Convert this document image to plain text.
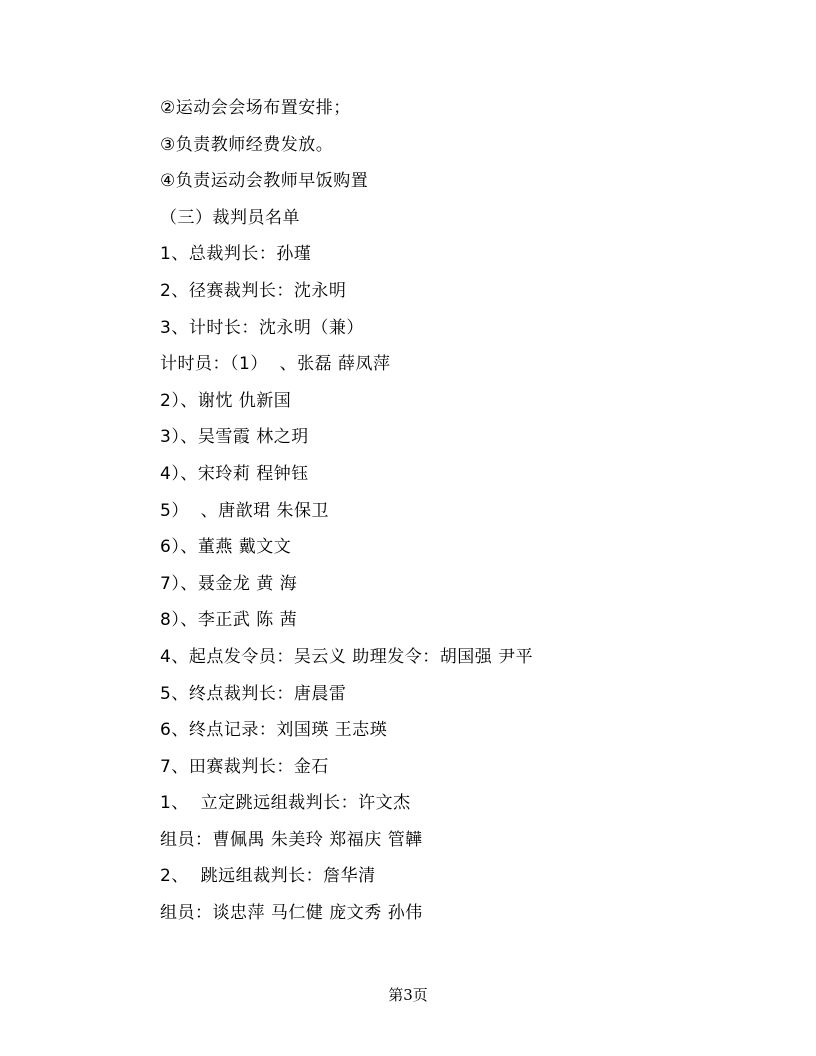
②运动会会场布置安排；
③负责教师经费发放。
④负责运动会教师早饭购置
（三）裁判员名单
1、总裁判长：孙瑾
2、径赛裁判长：沈永明
3、计时长：沈永明（兼）
计时员：（1）  、张磊 薛凤萍
2）、谢忱 仇新国
3）、吴雪霞 林之玥
4）、宋玲莉 程钟钰
5）  、唐歆珺 朱保卫
6）、董燕 戴文文
7）、聂金龙 黄 海
8）、李正武 陈 茜
4、起点发令员：吴云义 助理发令：胡国强 尹平
5、终点裁判长：唐晨雷
6、终点记录：刘国瑛 王志瑛
7、田赛裁判长：金石
1、  立定跳远组裁判长：许文杰
组员：曹佩禺 朱美玲 郑福庆 管韡
2、  跳远组裁判长：詹华清
组员：谈忠萍 马仁健 庞文秀 孙伟
第3页
